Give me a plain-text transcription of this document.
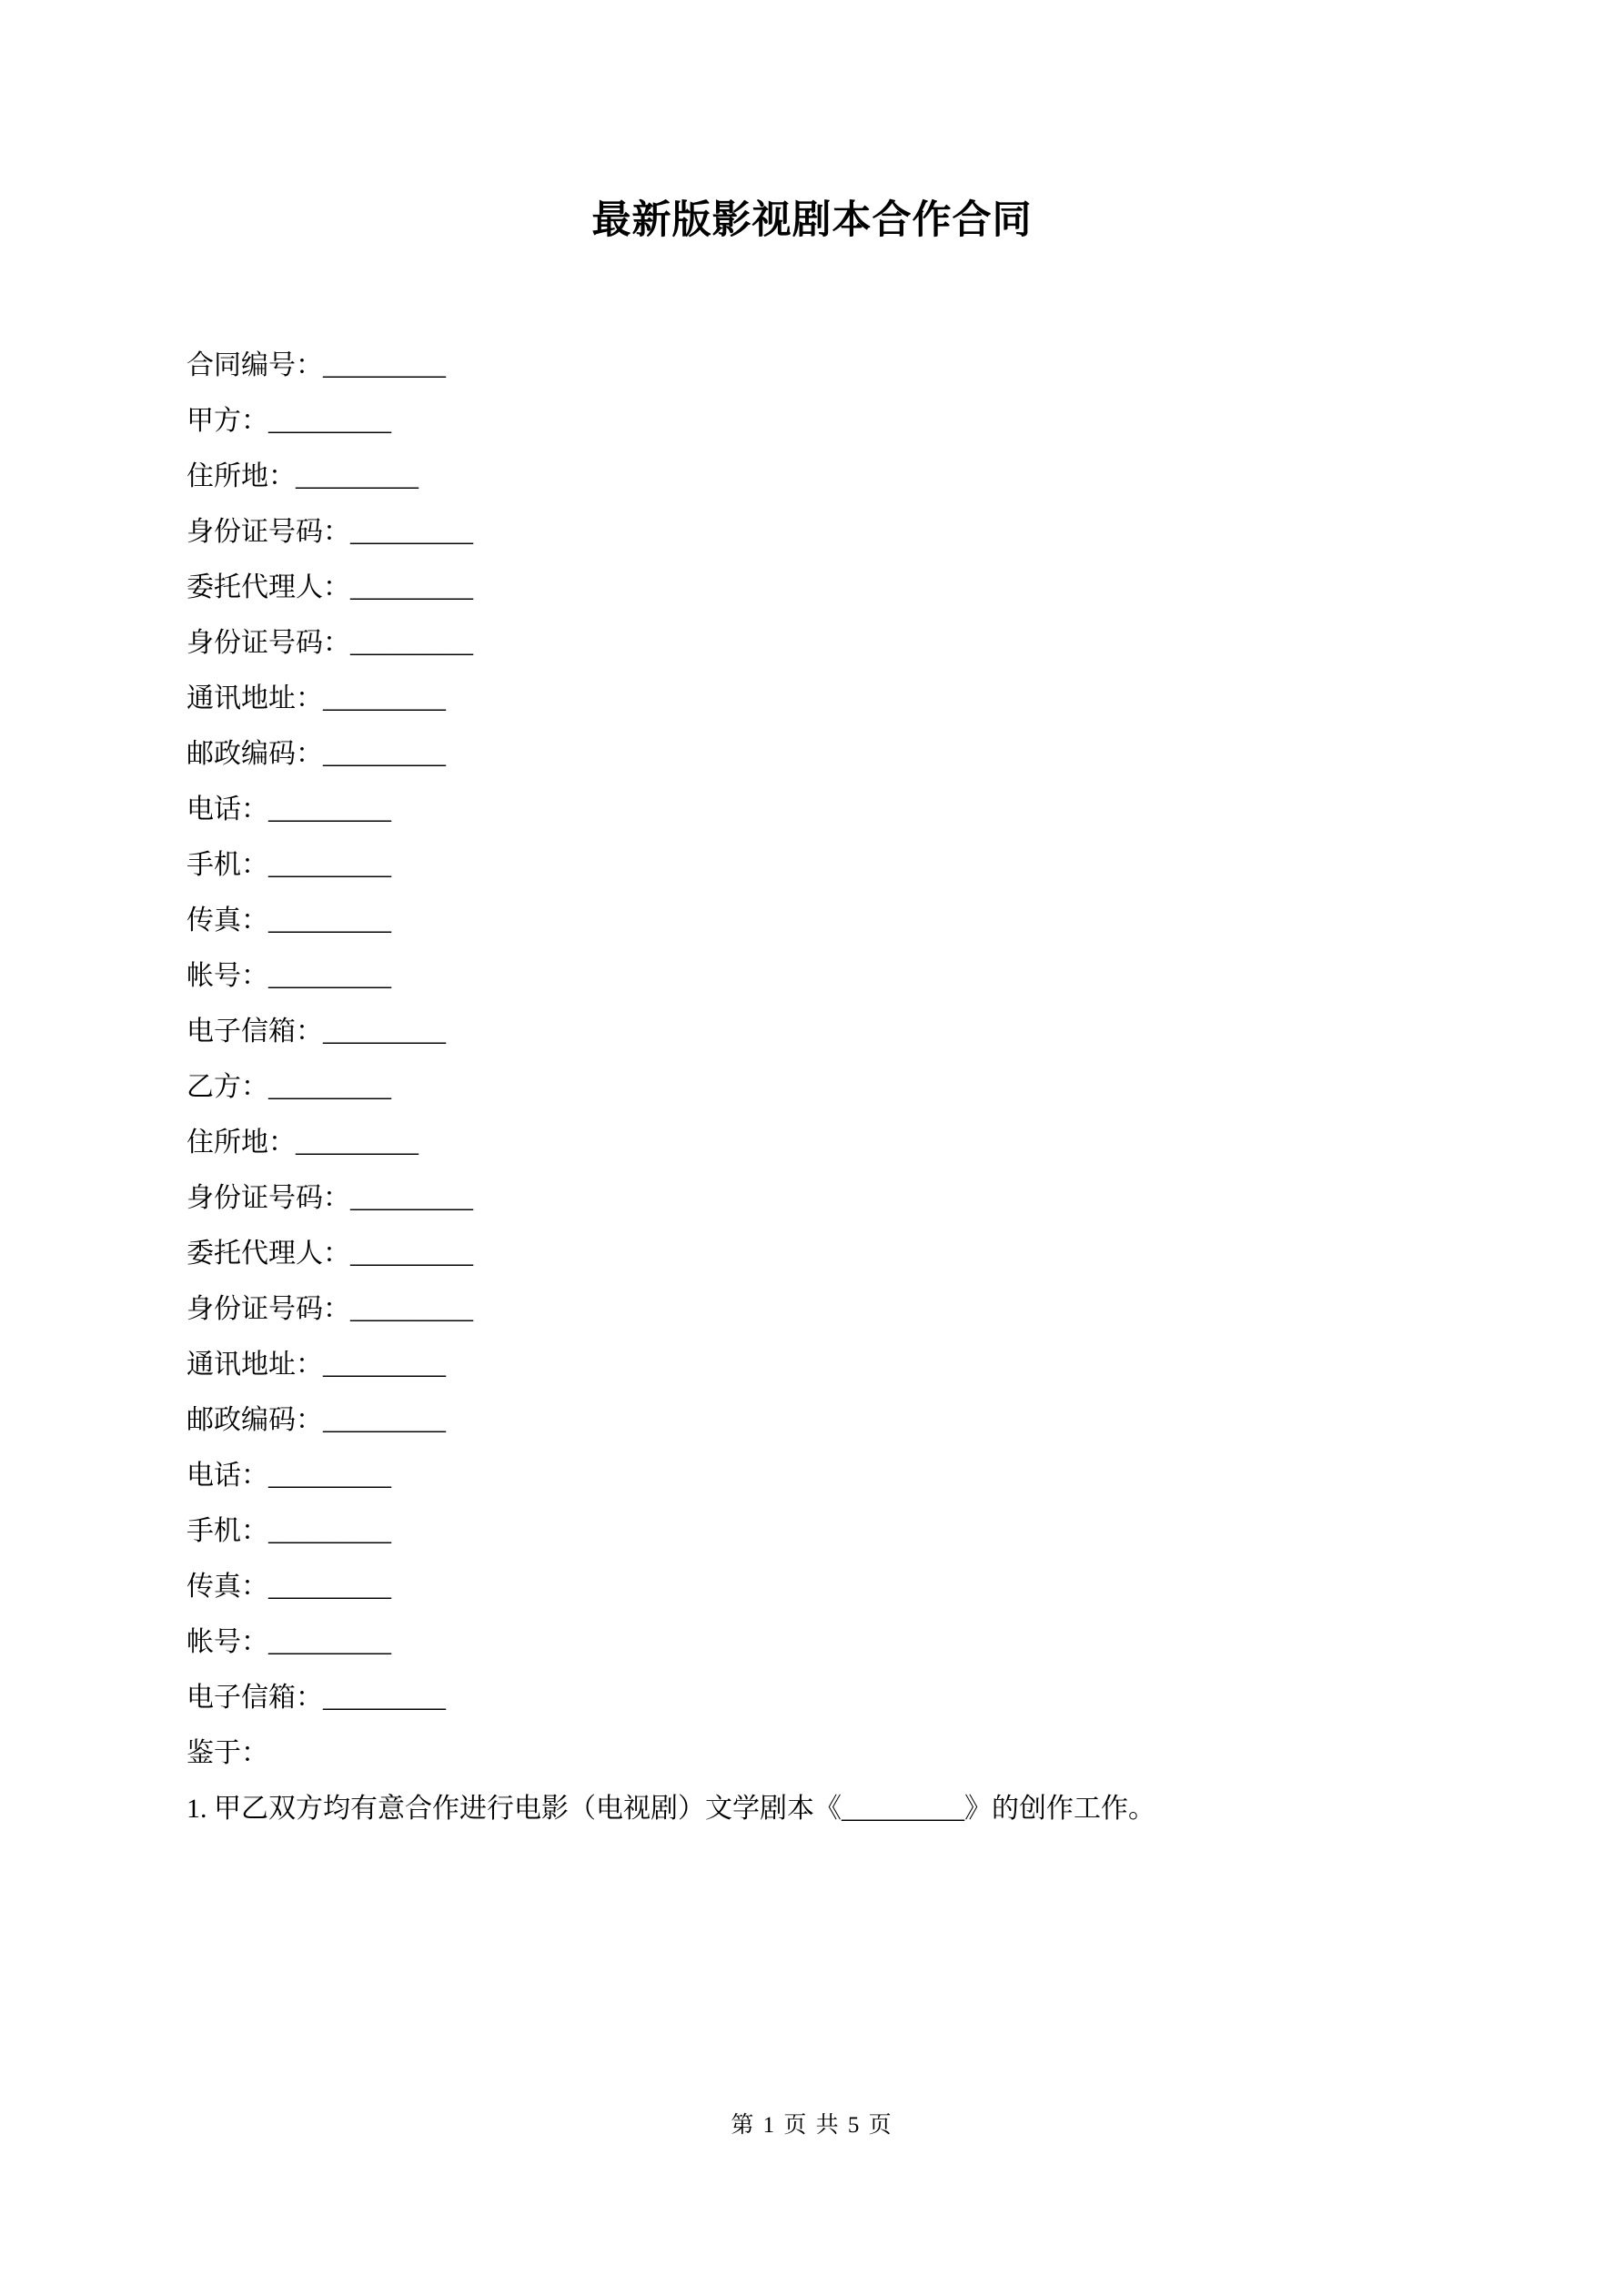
最新版影视剧本合作合同

合同编号：_________

甲方：_________

住所地：_________

身份证号码：_________

委托代理人：_________

身份证号码：_________

通讯地址：_________

邮政编码：_________

电话：_________

手机：_________

传真：_________

帐号：_________

电子信箱：_________

乙方：_________

住所地：_________

身份证号码：_________

委托代理人：_________

身份证号码：_________

通讯地址：_________

邮政编码：_________

电话：_________

手机：_________

传真：_________

帐号：_________

电子信箱：_________

鉴于：

1. 甲乙双方均有意合作进行电影（电视剧）文学剧本《_________》的创作工作。

第 1 页 共 5 页
